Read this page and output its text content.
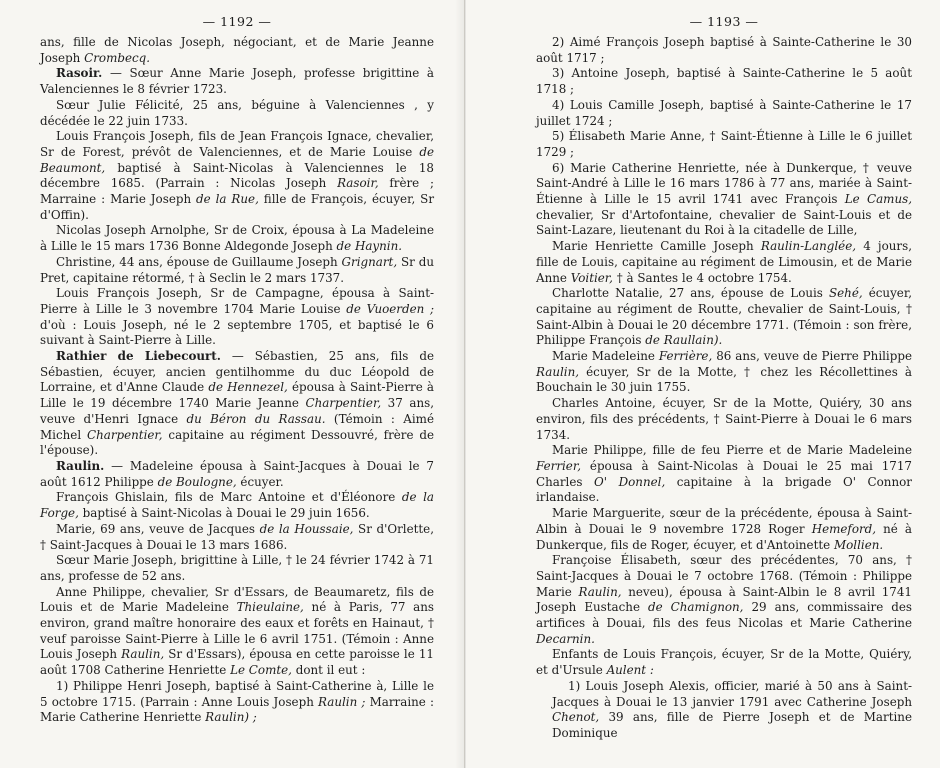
— 1192 —

ans, fille de Nicolas Joseph, négociant, et de Marie Jeanne Joseph Crombecq.

Rasoir. — Sœur Anne Marie Joseph, professe brigittine à Valenciennes le 8 février 1723.

Sœur Julie Félicité, 25 ans, béguine à Valenciennes , y décédée le 22 juin 1733.

Louis François Joseph, fils de Jean François Ignace, chevalier, Sr de Forest, prévôt de Valenciennes, et de Marie Louise de Beaumont, baptisé à Saint-Nicolas à Valenciennes le 18 décembre 1685. (Parrain : Nicolas Joseph Rasoir, frère ; Marraine : Marie Joseph de la Rue, fille de François, écuyer, Sr d'Offin).

Nicolas Joseph Arnolphe, Sr de Croix, épousa à La Madeleine à Lille le 15 mars 1736 Bonne Aldegonde Joseph de Haynin.

Christine, 44 ans, épouse de Guillaume Joseph Grignart, Sr du Pret, capitaine rétormé, † à Seclin le 2 mars 1737.

Louis François Joseph, Sr de Campagne, épousa à Saint-Pierre à Lille le 3 novembre 1704 Marie Louise de Vuoerden ; d'où : Louis Joseph, né le 2 septembre 1705, et baptisé le 6 suivant à Saint-Pierre à Lille.

Rathier de Liebecourt. — Sébastien, 25 ans, fils de Sébastien, écuyer, ancien gentilhomme du duc Léopold de Lorraine, et d'Anne Claude de Hennezel, épousa à Saint-Pierre à Lille le 19 décembre 1740 Marie Jeanne Charpentier, 37 ans, veuve d'Henri Ignace du Béron du Rassau. (Témoin : Aimé Michel Charpentier, capitaine au régiment Dessouvré, frère de l'épouse).

Raulin. — Madeleine épousa à Saint-Jacques à Douai le 7 août 1612 Philippe de Boulogne, écuyer.

François Ghislain, fils de Marc Antoine et d'Éléonore de la Forge, baptisé à Saint-Nicolas à Douai le 29 juin 1656.

Marie, 69 ans, veuve de Jacques de la Houssaie, Sr d'Orlette, † Saint-Jacques à Douai le 13 mars 1686.

Sœur Marie Joseph, brigittine à Lille, † le 24 février 1742 à 71 ans, professe de 52 ans.

Anne Philippe, chevalier, Sr d'Essars, de Beaumaretz, fils de Louis et de Marie Madeleine Thieulaine, né à Paris, 77 ans environ, grand maître honoraire des eaux et forêts en Hainaut, † veuf paroisse Saint-Pierre à Lille le 6 avril 1751. (Témoin : Anne Louis Joseph Raulin, Sr d'Essars), épousa en cette paroisse le 11 août 1708 Catherine Henriette Le Comte, dont il eut :

1) Philippe Henri Joseph, baptisé à Saint-Catherine à, Lille le 5 octobre 1715. (Parrain : Anne Louis Joseph Raulin ; Marraine : Marie Catherine Henriette Raulin) ;

— 1193 —

2) Aimé François Joseph baptisé à Sainte-Catherine le 30 août 1717 ;

3) Antoine Joseph, baptisé à Sainte-Catherine le 5 août 1718 ;

4) Louis Camille Joseph, baptisé à Sainte-Catherine le 17 juillet 1724 ;

5) Élisabeth Marie Anne, † Saint-Étienne à Lille le 6 juillet 1729 ;

6) Marie Catherine Henriette, née à Dunkerque, † veuve Saint-André à Lille le 16 mars 1786 à 77 ans, mariée à Saint-Étienne à Lille le 15 avril 1741 avec François Le Camus, chevalier, Sr d'Artofontaine, chevalier de Saint-Louis et de Saint-Lazare, lieutenant du Roi à la citadelle de Lille,

Marie Henriette Camille Joseph Raulin-Langlée, 4 jours, fille de Louis, capitaine au régiment de Limousin, et de Marie Anne Voitier, † à Santes le 4 octobre 1754.

Charlotte Natalie, 27 ans, épouse de Louis Sehé, écuyer, capitaine au régiment de Routte, chevalier de Saint-Louis, † Saint-Albin à Douai le 20 décembre 1771. (Témoin : son frère, Philippe François de Raullain).

Marie Madeleine Ferrière, 86 ans, veuve de Pierre Philippe Raulin, écuyer, Sr de la Motte, † chez les Récollettines à Bouchain le 30 juin 1755.

Charles Antoine, écuyer, Sr de la Motte, Quiéry, 30 ans environ, fils des précédents, † Saint-Pierre à Douai le 6 mars 1734.

Marie Philippe, fille de feu Pierre et de Marie Madeleine Ferrier, épousa à Saint-Nicolas à Douai le 25 mai 1717 Charles O' Donnel, capitaine à la brigade O' Connor irlandaise.

Marie Marguerite, sœur de la précédente, épousa à Saint-Albin à Douai le 9 novembre 1728 Roger Hemeford, né à Dunkerque, fils de Roger, écuyer, et d'Antoinette Mollien.

Françoise Élisabeth, sœur des précédentes, 70 ans, † Saint-Jacques à Douai le 7 octobre 1768. (Témoin : Philippe Marie Raulin, neveu), épousa à Saint-Albin le 8 avril 1741 Joseph Eustache de Chamignon, 29 ans, commissaire des artifices à Douai, fils des feus Nicolas et Marie Catherine Decarnin.

Enfants de Louis François, écuyer, Sr de la Motte, Quiéry, et d'Ursule Aulent :

1) Louis Joseph Alexis, officier, marié à 50 ans à Saint-Jacques à Douai le 13 janvier 1791 avec Catherine Joseph Chenot, 39 ans, fille de Pierre Joseph et de Martine Dominique
